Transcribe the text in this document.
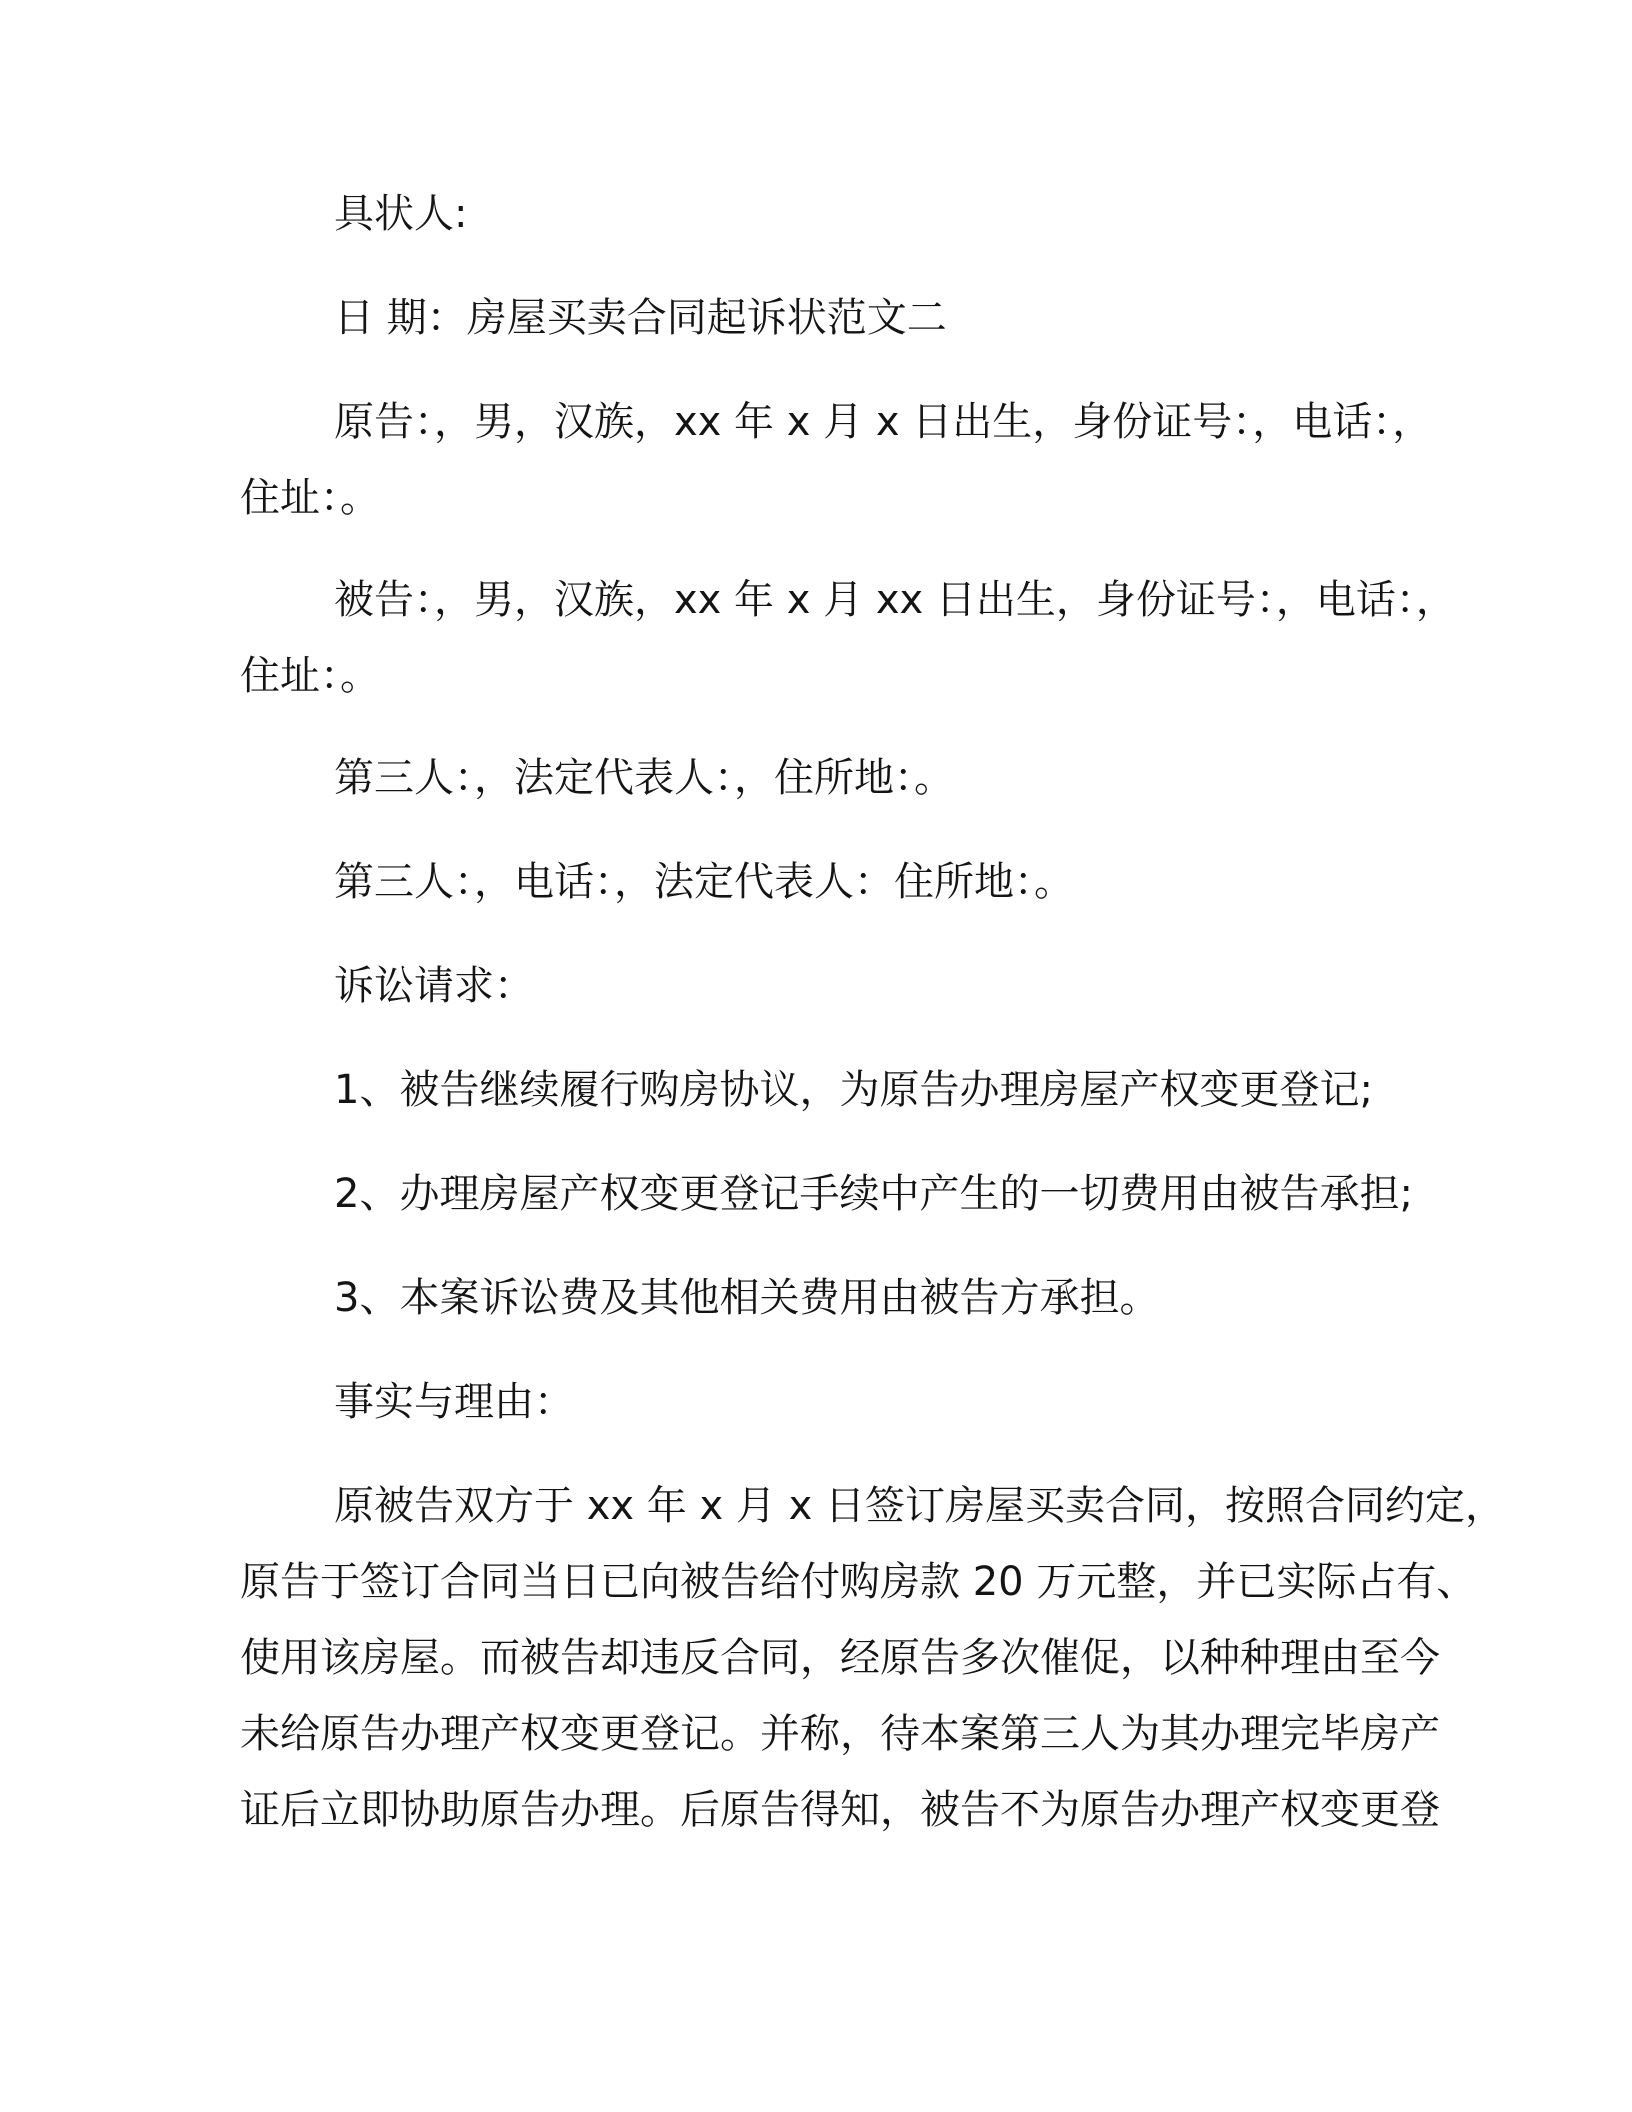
具状人:

日 期：房屋买卖合同起诉状范文二

原告：，男，汉族，xx 年 x 月 x 日出生，身份证号：，电话：，
住址：。
被告：，男，汉族，xx 年 x 月 xx 日出生，身份证号：，电话：，
住址：。

第三人：，法定代表人：，住所地：。

第三人：，电话：，法定代表人：住所地：。

诉讼请求：

1、被告继续履行购房协议，为原告办理房屋产权变更登记;

2、办理房屋产权变更登记手续中产生的一切费用由被告承担;

3、本案诉讼费及其他相关费用由被告方承担。

事实与理由：

原被告双方于 xx 年 x 月 x 日签订房屋买卖合同，按照合同约定，
原告于签订合同当日已向被告给付购房款 20 万元整，并已实际占有、
使用该房屋。而被告却违反合同，经原告多次催促，以种种理由至今
未给原告办理产权变更登记。并称，待本案第三人为其办理完毕房产
证后立即协助原告办理。后原告得知，被告不为原告办理产权变更登
